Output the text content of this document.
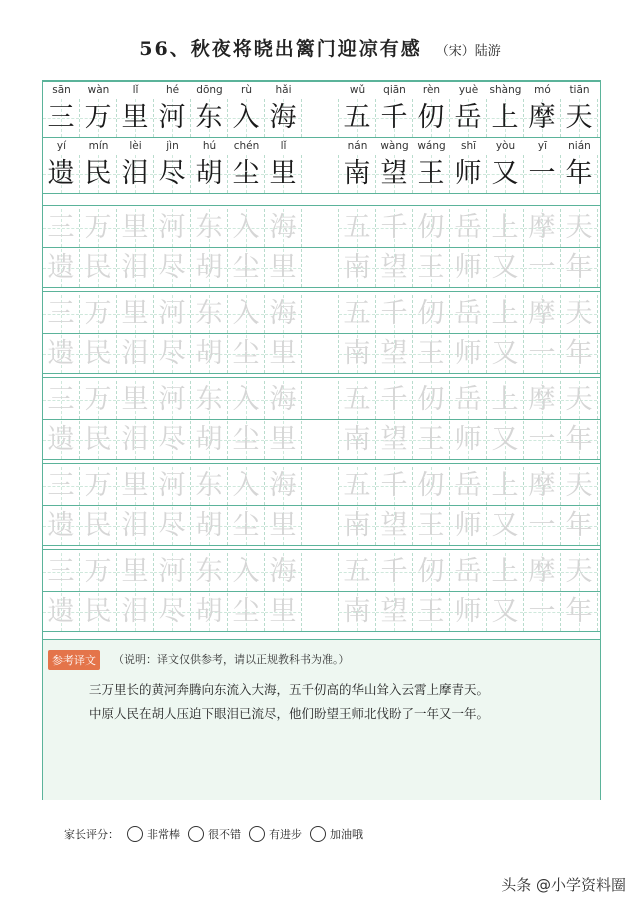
56、秋夜将晓出篱门迎凉有感 （宋）陆游
参考译文	（说明：译文仅供参考，请以正规教科书为准。）
三万里长的黄河奔腾向东流入大海，五千仞高的华山耸入云霄上摩青天。
中原人民在胡人压迫下眼泪已流尽，他们盼望王师北伐盼了一年又一年。
sān	wàn	lǐ	hé	dōng	rù	hǎi	wǔ	qiān	rèn	yuè	shàng	mó	tiān
三 万 里 河 东 入 海 五 千 仞 岳 上 摩 天
yí	mín	lèi	jìn	hú	chén	lǐ	nán	wàng wáng	shī	yòu	yī	nián
遗 民 泪 尽 胡 尘 里 南 望 王 师 又 一 年
三 万 里 河 东 入 海 五 千 仞 岳 上 摩 天
遗 民 泪 尽 胡 尘 里 南 望 王 师 又 一 年
三 万 里 河 东 入 海 五 千 仞 岳 上 摩 天
遗 民 泪 尽 胡 尘 里 南 望 王 师 又 一 年
三 万 里 河 东 入 海 五 千 仞 岳 上 摩 天
遗 民 泪 尽 胡 尘 里 南 望 王 师 又 一 年
三 万 里 河 东 入 海 五 千 仞 岳 上 摩 天
遗 民 泪 尽 胡 尘 里 南 望 王 师 又 一 年
三 万 里 河 东 入 海 五 千 仞 岳 上 摩 天
遗 民 泪 尽 胡 尘 里 南 望 王 师 又 一 年
家长评分：	非常棒	很不错	有进步	加油哦
头条 @小学资料圈
